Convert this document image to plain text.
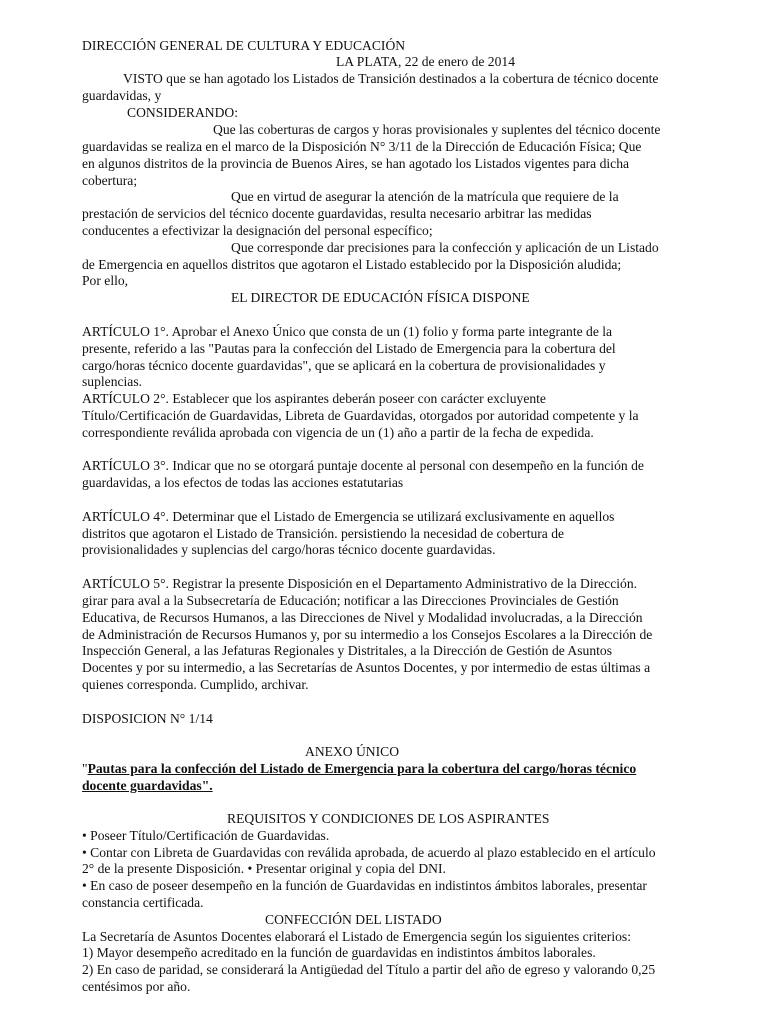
DIRECCIÓN GENERAL DE CULTURA Y EDUCACIÓN
LA PLATA, 22 de enero de 2014
VISTO que se han agotado los Listados de Transición destinados a la cobertura de técnico docente
guardavidas, y
CONSIDERANDO:
Que las coberturas de cargos y horas provisionales y suplentes del técnico docente
guardavidas se realiza en el marco de la Disposición N° 3/11 de la Dirección de Educación Física; Que
en algunos distritos de la provincia de Buenos Aires, se han agotado los Listados vigentes para dicha
cobertura;
Que en virtud de asegurar la atención de la matrícula que requiere de la
prestación de servicios del técnico docente guardavidas, resulta necesario arbitrar las medidas
conducentes a efectivizar la designación del personal específico;
Que corresponde dar precisiones para la confección y aplicación de un Listado
de Emergencia en aquellos distritos que agotaron el Listado establecido por la Disposición aludida;
Por ello,
EL DIRECTOR DE EDUCACIÓN FÍSICA DISPONE
ARTÍCULO 1°. Aprobar el Anexo Único que consta de un (1) folio y forma parte integrante de la
presente, referido a las "Pautas para la confección del Listado de Emergencia para la cobertura del
cargo/horas técnico docente guardavidas", que se aplicará en la cobertura de provisionalidades y
suplencias.
ARTÍCULO 2°. Establecer que los aspirantes deberán poseer con carácter excluyente
Título/Certificación de Guardavidas, Libreta de Guardavidas, otorgados por autoridad competente y la
correspondiente reválida aprobada con vigencia de un (1) año a partir de la fecha de expedida.
ARTÍCULO 3°. Indicar que no se otorgará puntaje docente al personal con desempeño en la función de
guardavidas, a los efectos de todas las acciones estatutarias
ARTÍCULO 4°. Determinar que el Listado de Emergencia se utilizará exclusivamente en aquellos
distritos que agotaron el Listado de Transición. persistiendo la necesidad de cobertura de
provisionalidades y suplencias del cargo/horas técnico docente guardavidas.
ARTÍCULO 5°. Registrar la presente Disposición en el Departamento Administrativo de la Dirección.
girar para aval a la Subsecretaría de Educación; notificar a las Direcciones Provinciales de Gestión
Educativa, de Recursos Humanos, a las Direcciones de Nivel y Modalidad involucradas, a la Dirección
de Administración de Recursos Humanos y, por su intermedio a los Consejos Escolares a la Dirección de
Inspección General, a las Jefaturas Regionales y Distritales, a la Dirección de Gestión de Asuntos
Docentes y por su intermedio, a las Secretarías de Asuntos Docentes, y por intermedio de estas últimas a
quienes corresponda. Cumplido, archivar.
DISPOSICION N° 1/14
ANEXO ÚNICO
"Pautas para la confección del Listado de Emergencia para la cobertura del cargo/horas técnico
docente guardavidas".
REQUISITOS Y CONDICIONES DE LOS ASPIRANTES
• Poseer Título/Certificación de Guardavidas.
• Contar con Libreta de Guardavidas con reválida aprobada, de acuerdo al plazo establecido en el artículo
2° de la presente Disposición. • Presentar original y copia del DNI.
• En caso de poseer desempeño en la función de Guardavidas en indistintos ámbitos laborales, presentar
constancia certificada.
CONFECCIÓN DEL LISTADO
La Secretaría de Asuntos Docentes elaborará el Listado de Emergencia según los siguientes criterios:
1) Mayor desempeño acreditado en la función de guardavidas en indistintos ámbitos laborales.
2) En caso de paridad, se considerará la Antigüedad del Título a partir del año de egreso y valorando 0,25
centésimos por año.
